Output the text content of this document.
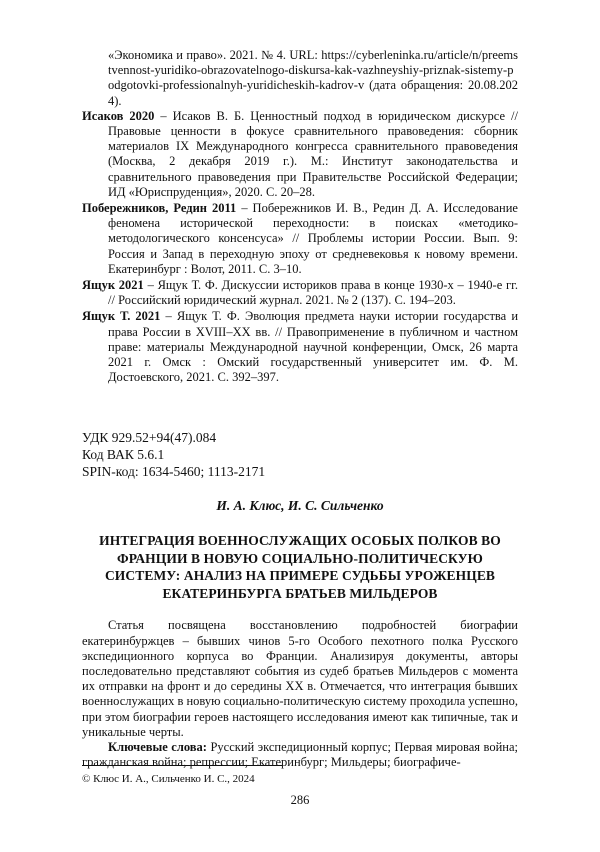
«Экономика и право». 2021. № 4. URL: https://cyberleninka.ru/article/n/preemstvennost-yuridiko-obrazovatelnogo-diskursa-kak-vazhneyshiy-priznak-sistemy-podgotovki-professionalnyh-yuridicheskih-kadrov-v (дата обращения: 20.08.2024).

Исаков 2020 – Исаков В. Б. Ценностный подход в юридическом дискурсе // Правовые ценности в фокусе сравнительного правоведения: сборник материалов IX Международного конгресса сравнительного правоведения (Москва, 2 декабря 2019 г.). М.: Институт законодательства и сравнительного правоведения при Правительстве Российской Федерации; ИД «Юриспруденция», 2020. С. 20–28.

Побережников, Редин 2011 – Побережников И. В., Редин Д. А. Исследование феномена исторической переходности: в поисках «методико-методологического консенсуса» // Проблемы истории России. Вып. 9: Россия и Запад в переходную эпоху от средневековья к новому времени. Екатеринбург : Волот, 2011. С. 3–10.

Ящук 2021 – Ящук Т. Ф. Дискуссии историков права в конце 1930-х – 1940-е гг. // Российский юридический журнал. 2021. № 2 (137). С. 194–203.

Ящук Т. 2021 – Ящук Т. Ф. Эволюция предмета науки истории государства и права России в XVIII–XX вв. // Правоприменение в публичном и частном праве: материалы Международной научной конференции, Омск, 26 марта 2021 г. Омск : Омский государственный университет им. Ф. М. Достоевского, 2021. С. 392–397.

УДК 929.52+94(47).084
Код ВАК 5.6.1
SPIN-код: 1634-5460; 1113-2171
И. А. Клюс, И. С. Сильченко
ИНТЕГРАЦИЯ ВОЕННОСЛУЖАЩИХ ОСОБЫХ ПОЛКОВ ВО ФРАНЦИИ В НОВУЮ СОЦИАЛЬНО-ПОЛИТИЧЕСКУЮ СИСТЕМУ: АНАЛИЗ НА ПРИМЕРЕ СУДЬБЫ УРОЖЕНЦЕВ ЕКАТЕРИНБУРГА БРАТЬЕВ МИЛЬДЕРОВ

Статья посвящена восстановлению подробностей биографии екатеринбуржцев – бывших чинов 5-го Особого пехотного полка Русского экспедиционного корпуса во Франции. Анализируя документы, авторы последовательно представляют события из судеб братьев Мильдеров с момента их отправки на фронт и до середины XX в. Отмечается, что интеграция бывших военнослужащих в новую социально-политическую систему проходила успешно, при этом биографии героев настоящего исследования имеют как типичные, так и уникальные черты.

Ключевые слова: Русский экспедиционный корпус; Первая мировая война; гражданская война; репрессии; Екатеринбург; Мильдеры; биографиче-

© Клюс И. А., Сильченко И. С., 2024
286
